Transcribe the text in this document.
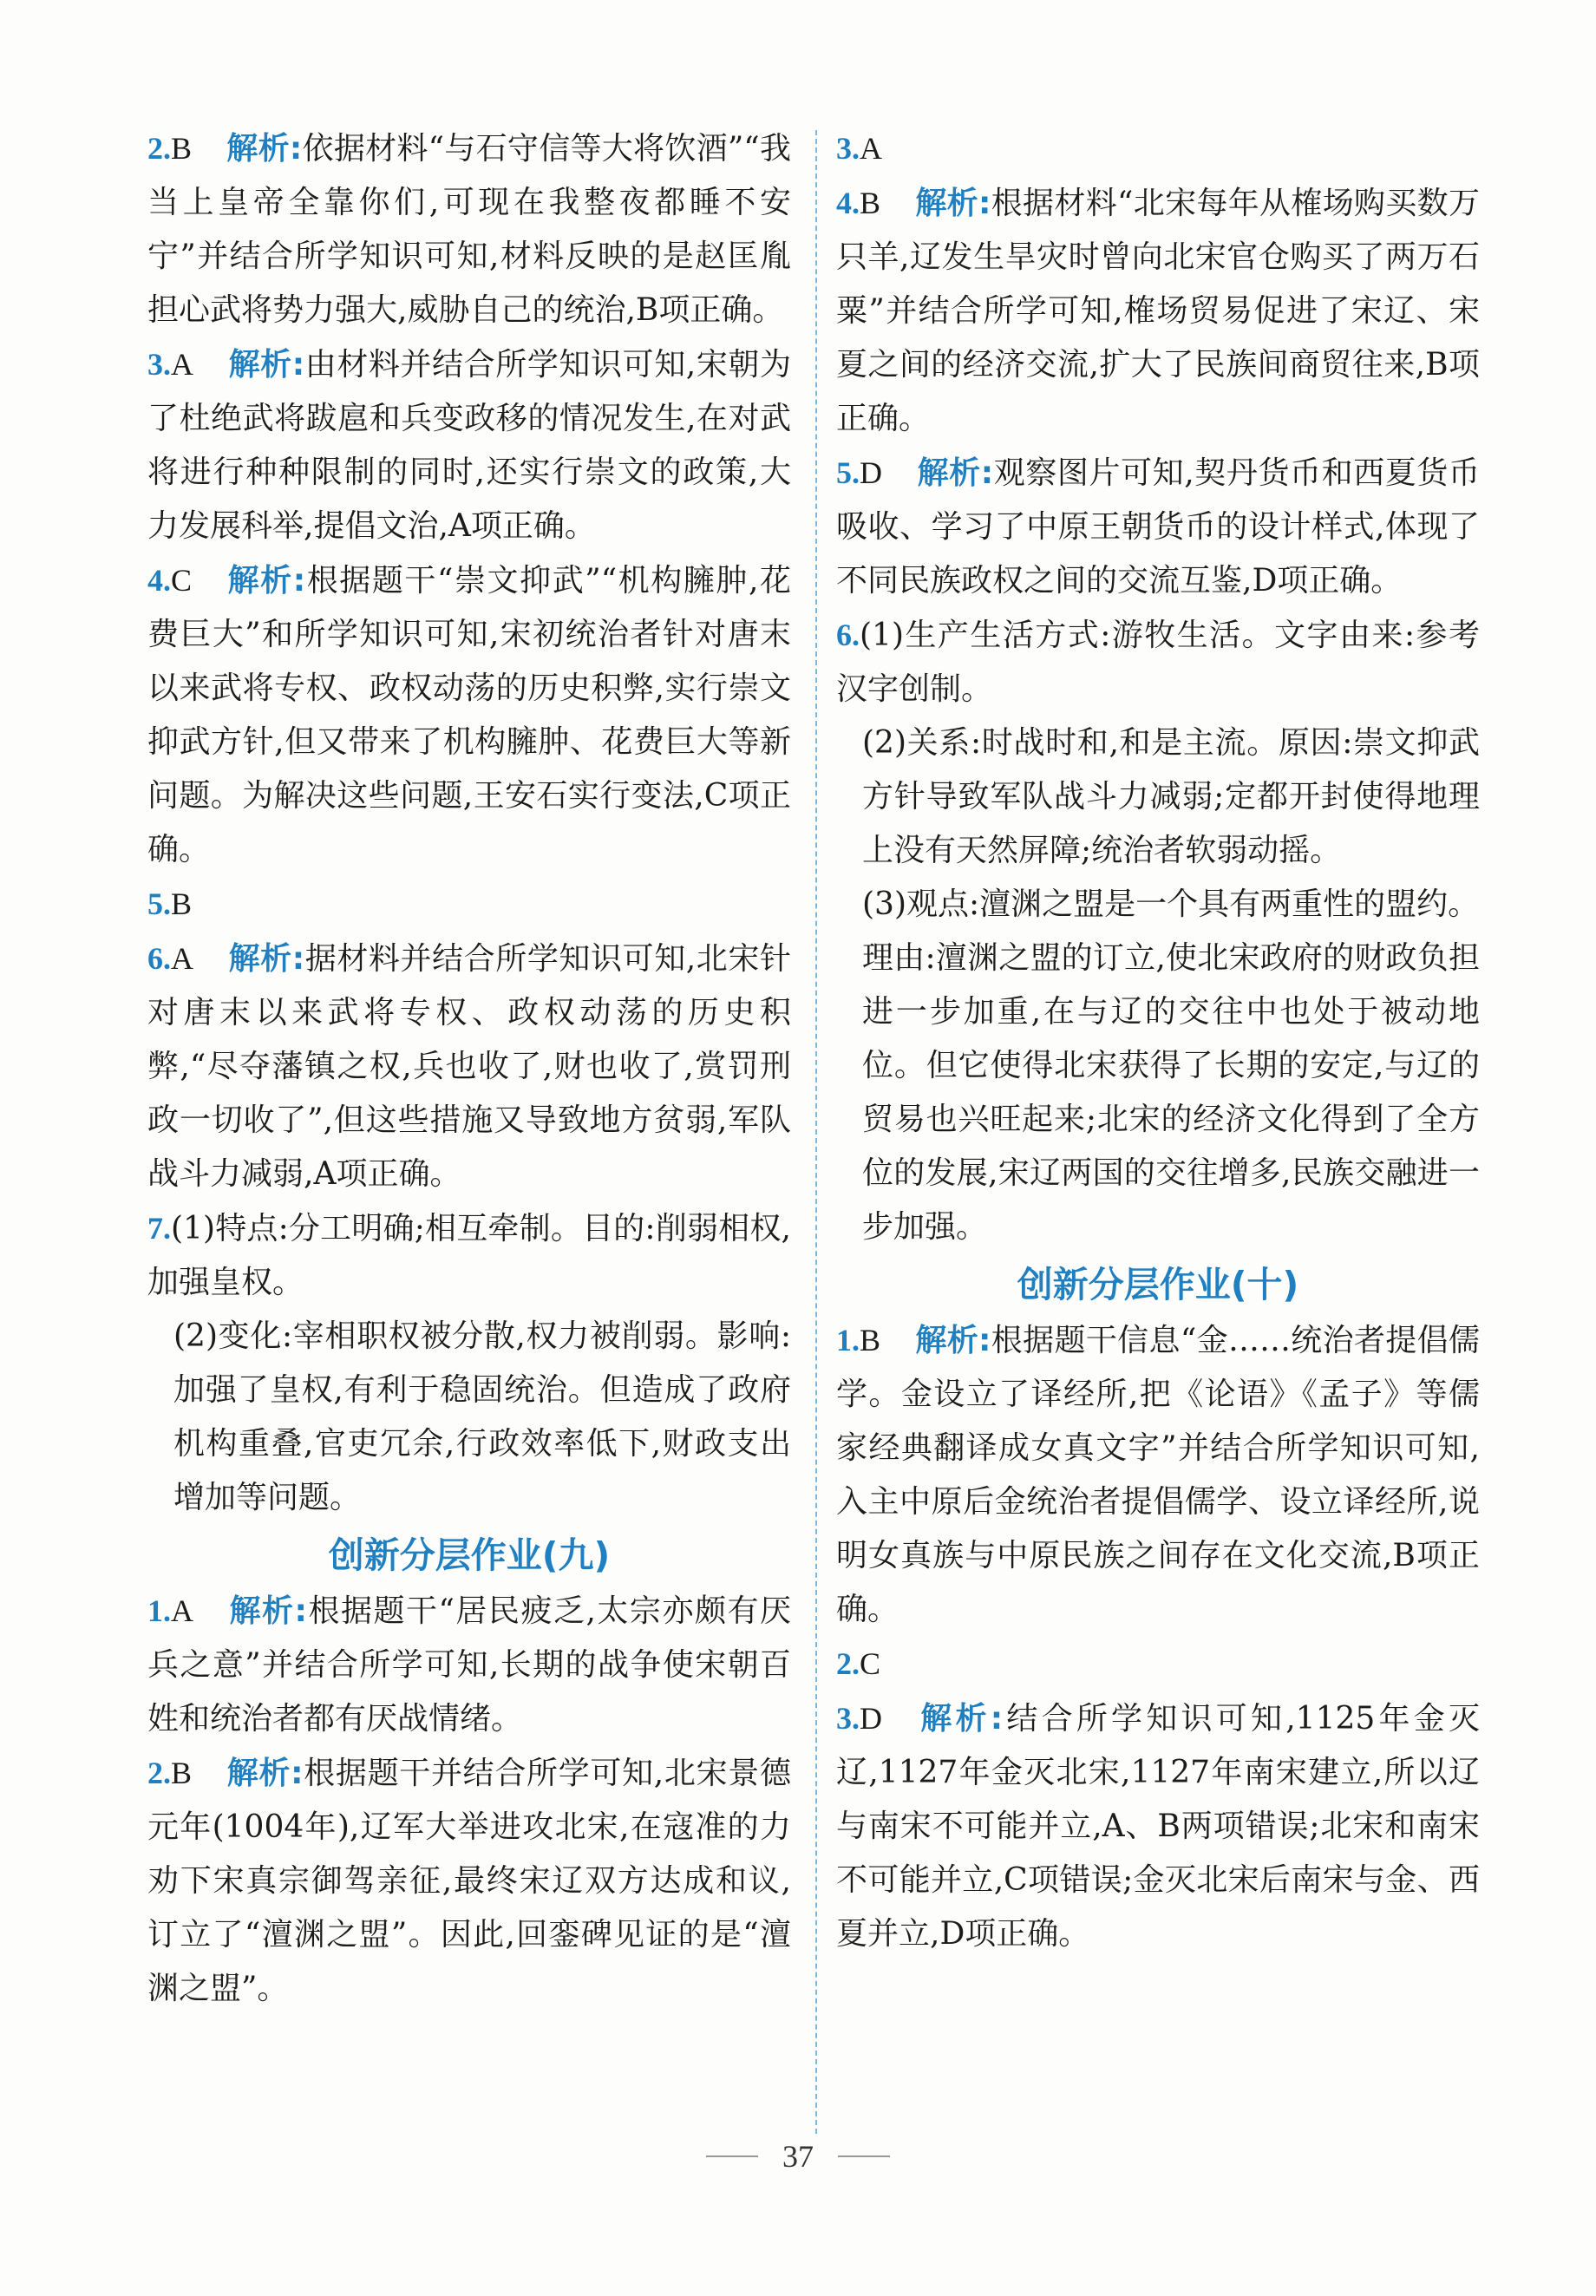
2.B 解析:依据材料“与石守信等大将饮酒”“我当上皇帝全靠你们,可现在我整夜都睡不安宁”并结合所学知识可知,材料反映的是赵匡胤担心武将势力强大,威胁自己的统治,B项正确。

3.A 解析:由材料并结合所学知识可知,宋朝为了杜绝武将跋扈和兵变政移的情况发生,在对武将进行种种限制的同时,还实行崇文的政策,大力发展科举,提倡文治,A项正确。

4.C 解析:根据题干“崇文抑武”“机构臃肿,花费巨大”和所学知识可知,宋初统治者针对唐末以来武将专权、政权动荡的历史积弊,实行崇文抑武方针,但又带来了机构臃肿、花费巨大等新问题。为解决这些问题,王安石实行变法,C项正确。

5.B

6.A 解析:据材料并结合所学知识可知,北宋针对唐末以来武将专权、政权动荡的历史积弊,“尽夺藩镇之权,兵也收了,财也收了,赏罚刑政一切收了”,但这些措施又导致地方贫弱,军队战斗力减弱,A项正确。

7.(1)特点:分工明确;相互牵制。目的:削弱相权,加强皇权。

(2)变化:宰相职权被分散,权力被削弱。影响:加强了皇权,有利于稳固统治。但造成了政府机构重叠,官吏冗余,行政效率低下,财政支出增加等问题。

创新分层作业(九)

1.A 解析:根据题干“居民疲乏,太宗亦颇有厌兵之意”并结合所学可知,长期的战争使宋朝百姓和统治者都有厌战情绪。

2.B 解析:根据题干并结合所学可知,北宋景德元年(1004年),辽军大举进攻北宋,在寇准的力劝下宋真宗御驾亲征,最终宋辽双方达成和议,订立了“澶渊之盟”。因此,回銮碑见证的是“澶渊之盟”。

3.A

4.B 解析:根据材料“北宋每年从榷场购买数万只羊,辽发生旱灾时曾向北宋官仓购买了两万石粟”并结合所学可知,榷场贸易促进了宋辽、宋夏之间的经济交流,扩大了民族间商贸往来,B项正确。

5.D 解析:观察图片可知,契丹货币和西夏货币吸收、学习了中原王朝货币的设计样式,体现了不同民族政权之间的交流互鉴,D项正确。

6.(1)生产生活方式:游牧生活。文字由来:参考汉字创制。

(2)关系:时战时和,和是主流。原因:崇文抑武方针导致军队战斗力减弱;定都开封使得地理上没有天然屏障;统治者软弱动摇。

(3)观点:澶渊之盟是一个具有两重性的盟约。

理由:澶渊之盟的订立,使北宋政府的财政负担进一步加重,在与辽的交往中也处于被动地位。但它使得北宋获得了长期的安定,与辽的贸易也兴旺起来;北宋的经济文化得到了全方位的发展,宋辽两国的交往增多,民族交融进一步加强。

创新分层作业(十)

1.B 解析:根据题干信息“金……统治者提倡儒学。金设立了译经所,把《论语》《孟子》等儒家经典翻译成女真文字”并结合所学知识可知,入主中原后金统治者提倡儒学、设立译经所,说明女真族与中原民族之间存在文化交流,B项正确。

2.C

3.D 解析:结合所学知识可知,1125年金灭辽,1127年金灭北宋,1127年南宋建立,所以辽与南宋不可能并立,A、B两项错误;北宋和南宋不可能并立,C项错误;金灭北宋后南宋与金、西夏并立,D项正确。

37
